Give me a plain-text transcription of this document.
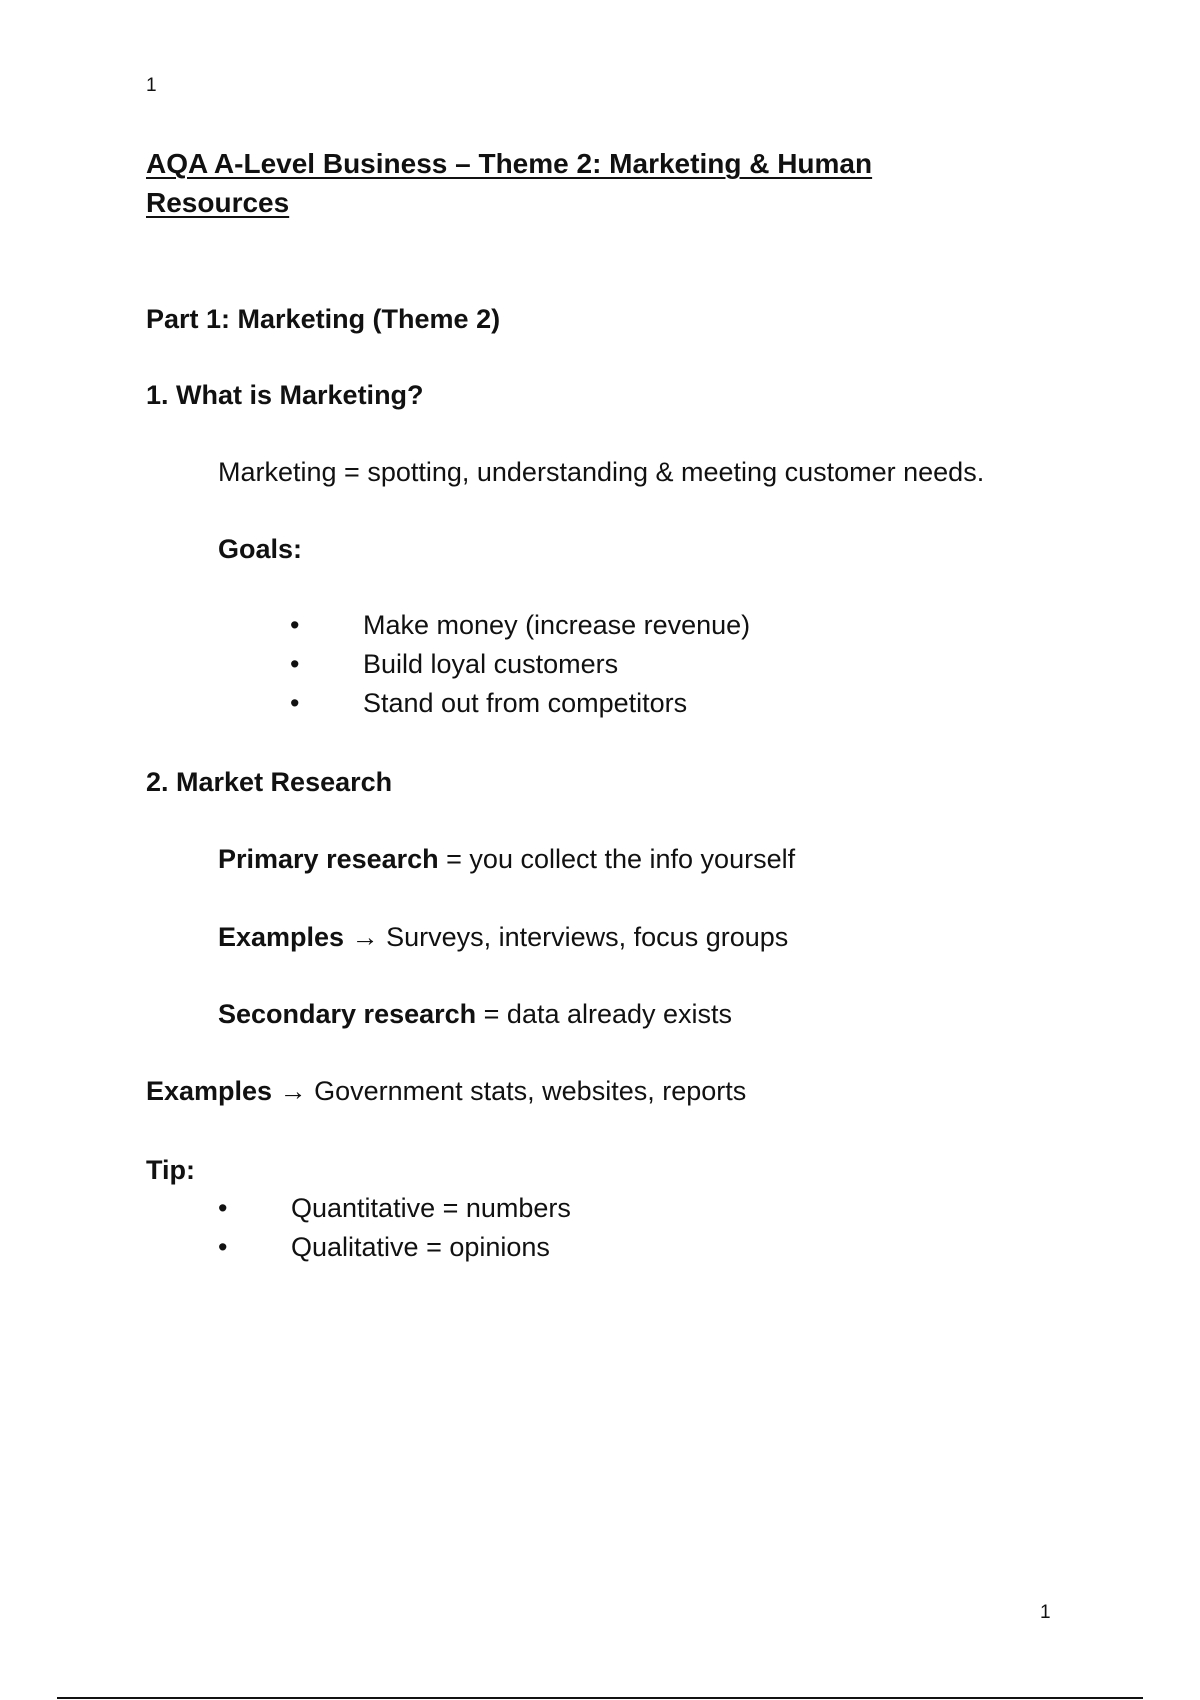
1
AQA A-Level Business – Theme 2: Marketing & Human
Resources
Part 1: Marketing (Theme 2)
1. What is Marketing?

Marketing = spotting, understanding & meeting customer needs.

Goals:

• Make money (increase revenue)
• Build loyal customers
• Stand out from competitors
2. Market Research

Primary research = you collect the info yourself

Examples → Surveys, interviews, focus groups

Secondary research = data already exists

Examples → Government stats, websites, reports

Tip:

• Quantitative = numbers
• Qualitative = opinions
1
